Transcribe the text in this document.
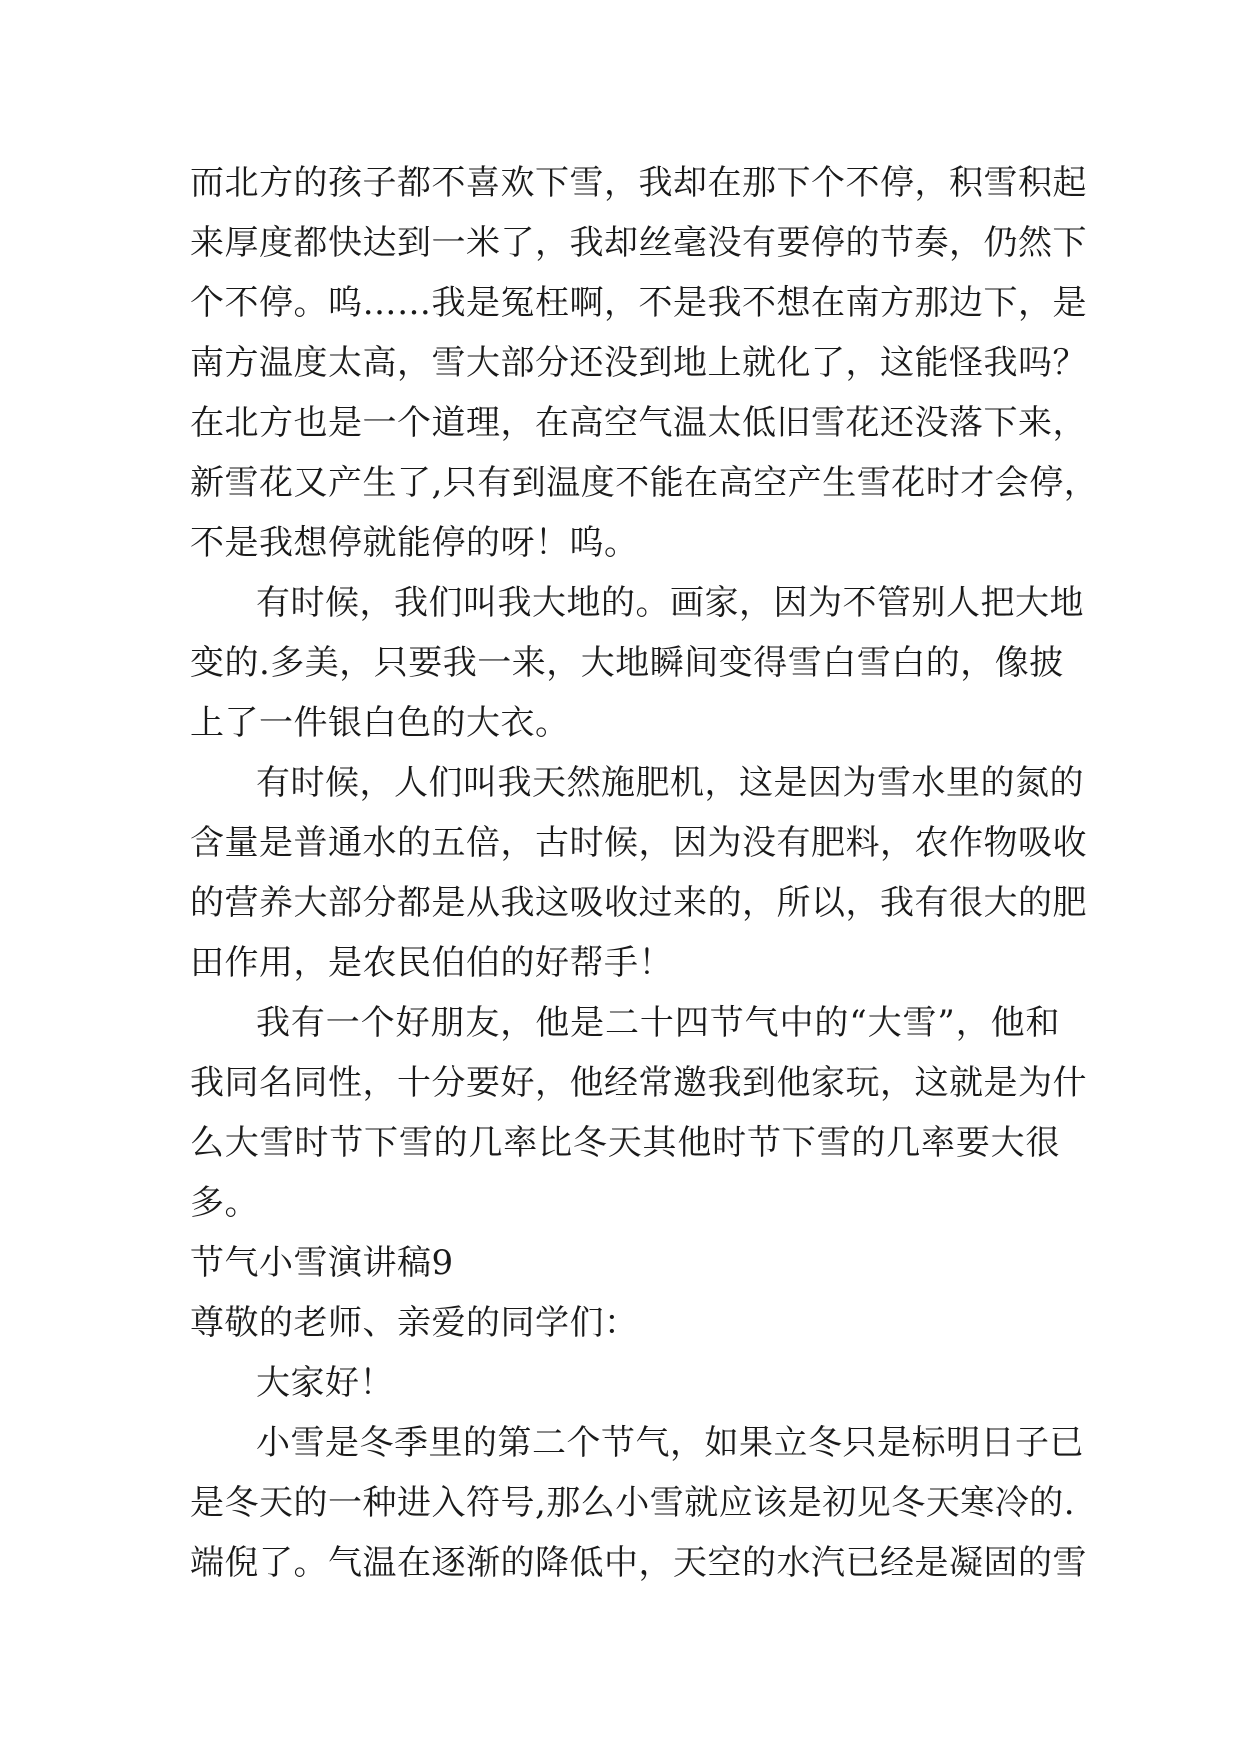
而北方的孩子都不喜欢下雪，我却在那下个不停，积雪积起
来厚度都快达到一米了，我却丝毫没有要停的节奏，仍然下
个不停。呜……我是冤枉啊，不是我不想在南方那边下，是
南方温度太高，雪大部分还没到地上就化了，这能怪我吗？
在北方也是一个道理，在高空气温太低旧雪花还没落下来，
新雪花又产生了,只有到温度不能在高空产生雪花时才会停，
不是我想停就能停的呀！呜。
有时候，我们叫我大地的。画家，因为不管别人把大地
变的.多美，只要我一来，大地瞬间变得雪白雪白的，像披
上了一件银白色的大衣。
有时候，人们叫我天然施肥机，这是因为雪水里的氮的
含量是普通水的五倍，古时候，因为没有肥料，农作物吸收
的营养大部分都是从我这吸收过来的，所以，我有很大的肥
田作用，是农民伯伯的好帮手！
我有一个好朋友，他是二十四节气中的“大雪”，他和
我同名同性，十分要好，他经常邀我到他家玩，这就是为什
么大雪时节下雪的几率比冬天其他时节下雪的几率要大很
多。
节气小雪演讲稿9
尊敬的老师、亲爱的同学们：
大家好！
小雪是冬季里的第二个节气，如果立冬只是标明日子已
是冬天的一种进入符号,那么小雪就应该是初见冬天寒冷的.
端倪了。气温在逐渐的降低中，天空的水汽已经是凝固的雪
